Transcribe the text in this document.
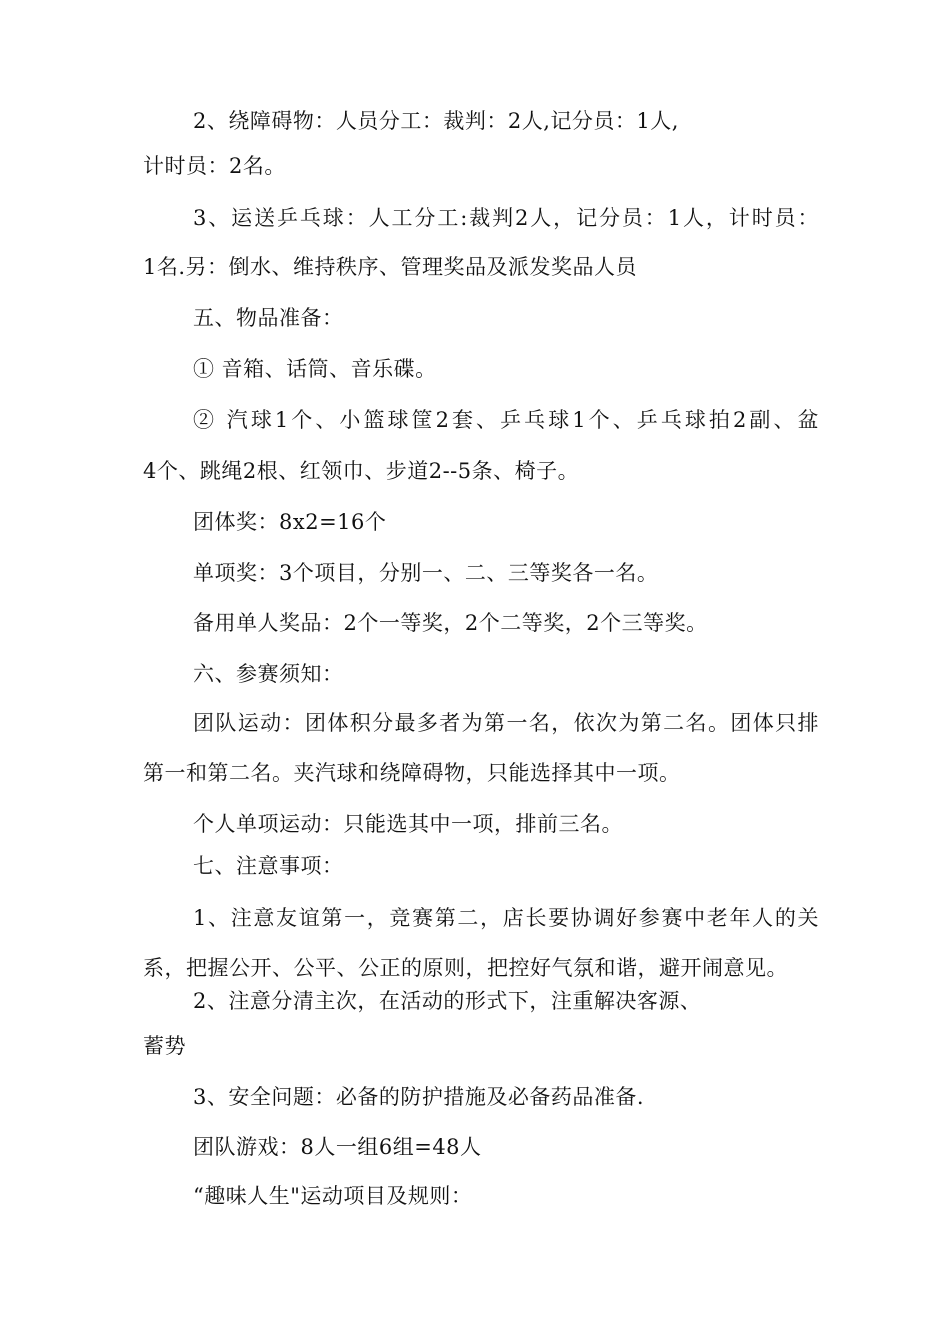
2、绕障碍物：人员分工：裁判：2人,记分员：1人,
计时员：2名。
3、运送乒乓球：人工分工:裁判2人，记分员：1人，计时员：
1名.另：倒水、维持秩序、管理奖品及派发奖品人员
五、物品准备：
① 音箱、话筒、音乐碟。
② 汽球1个、小篮球筐2套、乒乓球1个、乒乓球拍2副、盆
4个、跳绳2根、红领巾、步道2--5条、椅子。
团体奖：8x2=16个
单项奖：3个项目，分别一、二、三等奖各一名。
备用单人奖品：2个一等奖，2个二等奖，2个三等奖。
六、参赛须知：
团队运动：团体积分最多者为第一名，依次为第二名。团体只排
第一和第二名。夹汽球和绕障碍物，只能选择其中一项。
个人单项运动：只能选其中一项，排前三名。
七、注意事项：
1、注意友谊第一，竞赛第二，店长要协调好参赛中老年人的关
系，把握公开、公平、公正的原则，把控好气氛和谐，避开闹意见。
2、注意分清主次，在活动的形式下，注重解决客源、
蓄势
3、安全问题：必备的防护措施及必备药品准备.
团队游戏：8人一组6组=48人
“趣味人生"运动项目及规则：
